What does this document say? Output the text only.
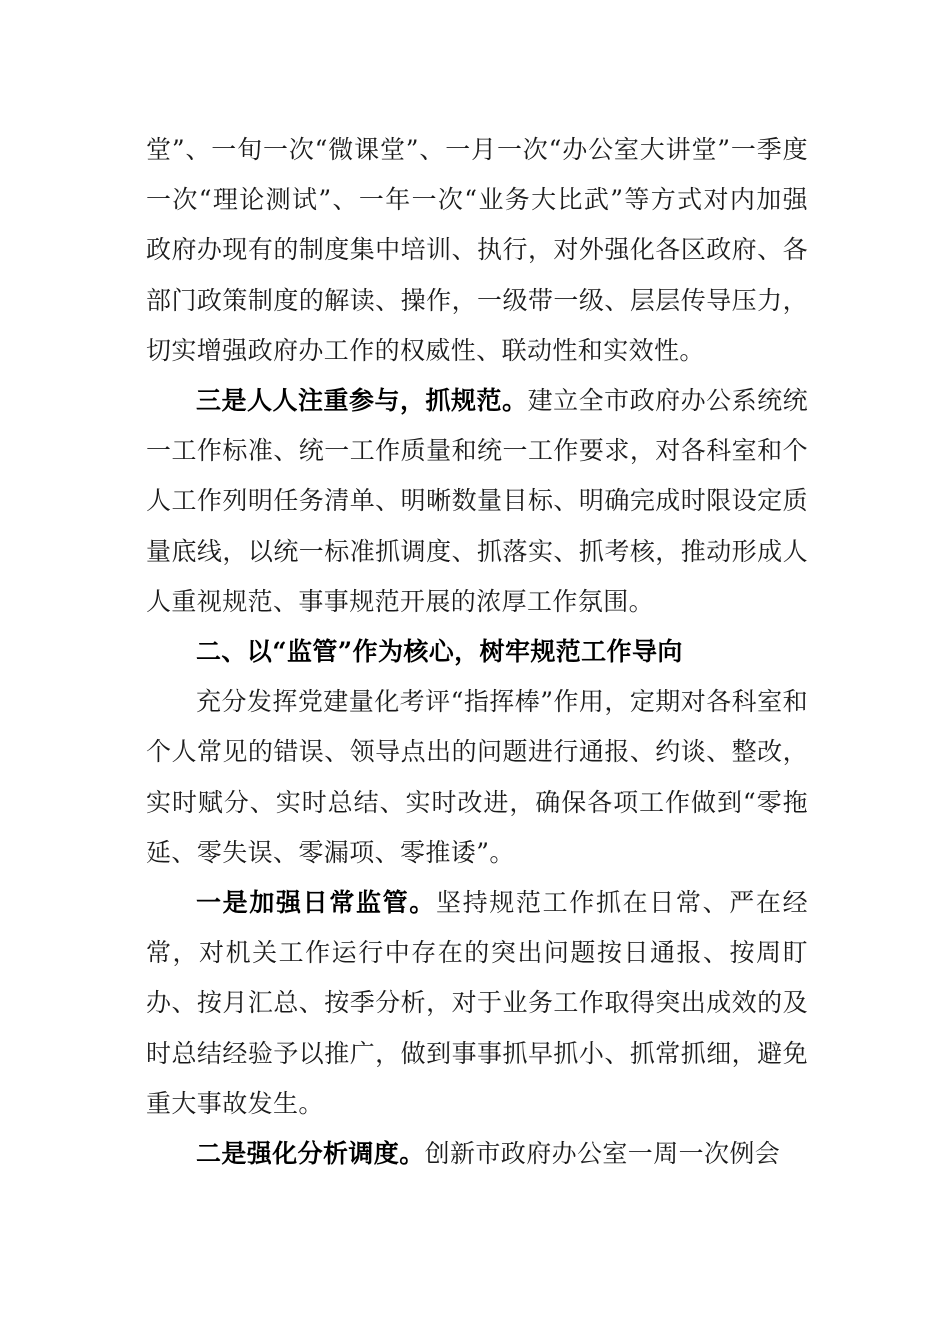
堂”、一旬一次“微课堂”、一月一次“办公室大讲堂”一季度一次“理论测试”、一年一次“业务大比武”等方式对内加强政府办现有的制度集中培训、执行，对外强化各区政府、各部门政策制度的解读、操作，一级带一级、层层传导压力，切实增强政府办工作的权威性、联动性和实效性。

三是人人注重参与，抓规范。建立全市政府办公系统统一工作标准、统一工作质量和统一工作要求，对各科室和个人工作列明任务清单、明晰数量目标、明确完成时限设定质量底线，以统一标准抓调度、抓落实、抓考核，推动形成人人重视规范、事事规范开展的浓厚工作氛围。

二、以“监管”作为核心，树牢规范工作导向

充分发挥党建量化考评“指挥棒”作用，定期对各科室和个人常见的错误、领导点出的问题进行通报、约谈、整改，实时赋分、实时总结、实时改进，确保各项工作做到“零拖延、零失误、零漏项、零推诿”。

一是加强日常监管。坚持规范工作抓在日常、严在经常，对机关工作运行中存在的突出问题按日通报、按周盯办、按月汇总、按季分析，对于业务工作取得突出成效的及时总结经验予以推广，做到事事抓早抓小、抓常抓细，避免重大事故发生。

二是强化分析调度。创新市政府办公室一周一次例会
